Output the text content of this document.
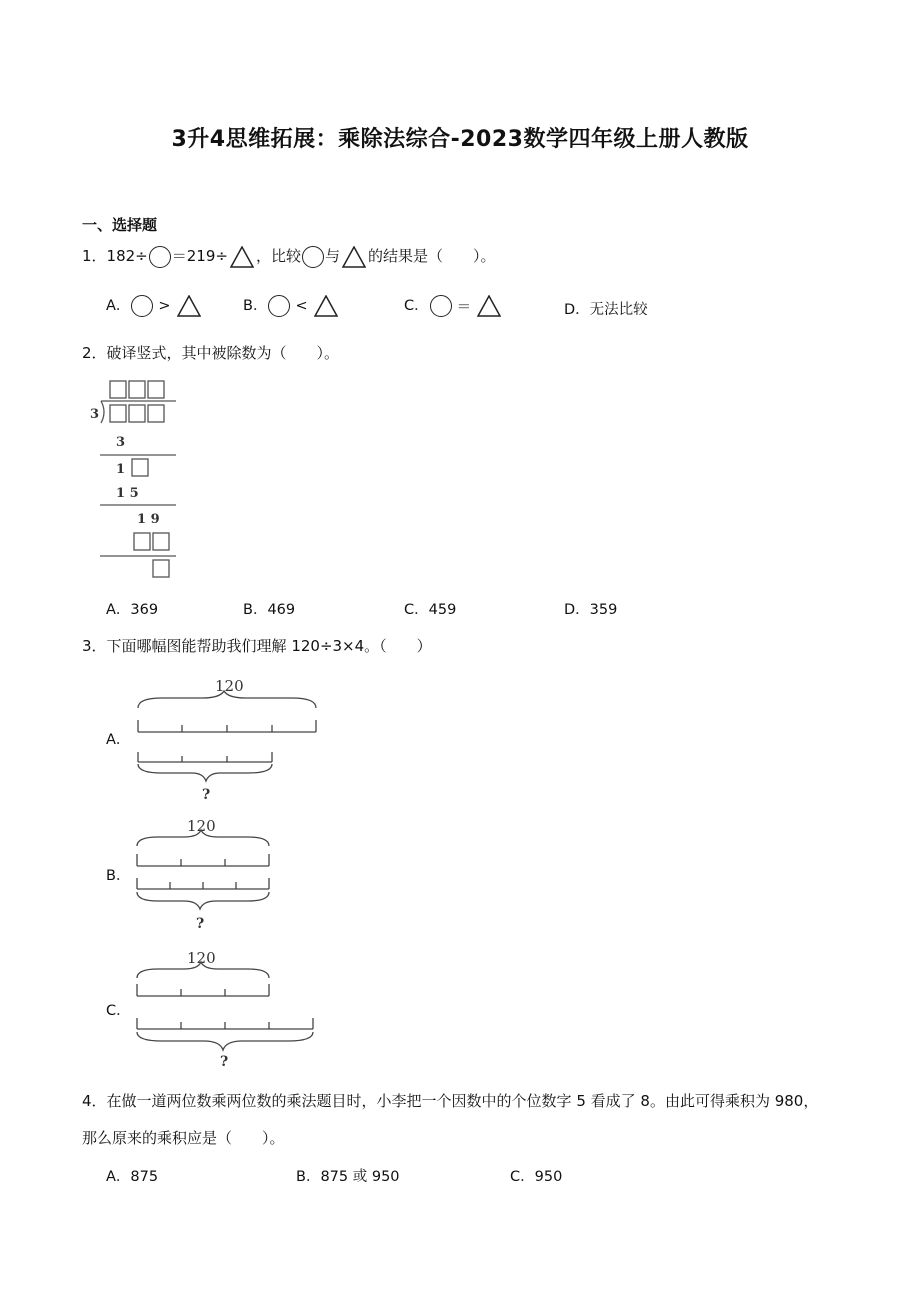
3升4思维拓展：乘除法综合-2023数学四年级上册人教版
一、选择题
1．182÷ ＝219÷ ，比较 与 的结果是（　　）。
A． >	B． <	C． ＝	D．无法比较
2．破译竖式，其中被除数为（　　）。
3
3
1
1 5
1 9
A．369	B．469	C．459	D．359
3．下面哪幅图能帮助我们理解 120÷3×4。（　　）
A．
120
?
B．
120
?
C．
120
?
4．在做一道两位数乘两位数的乘法题目时，小李把一个因数中的个位数字 5 看成了 8。由此可得乘积为 980，
那么原来的乘积应是（　　）。
A．875	B．875 或 950	C．950
